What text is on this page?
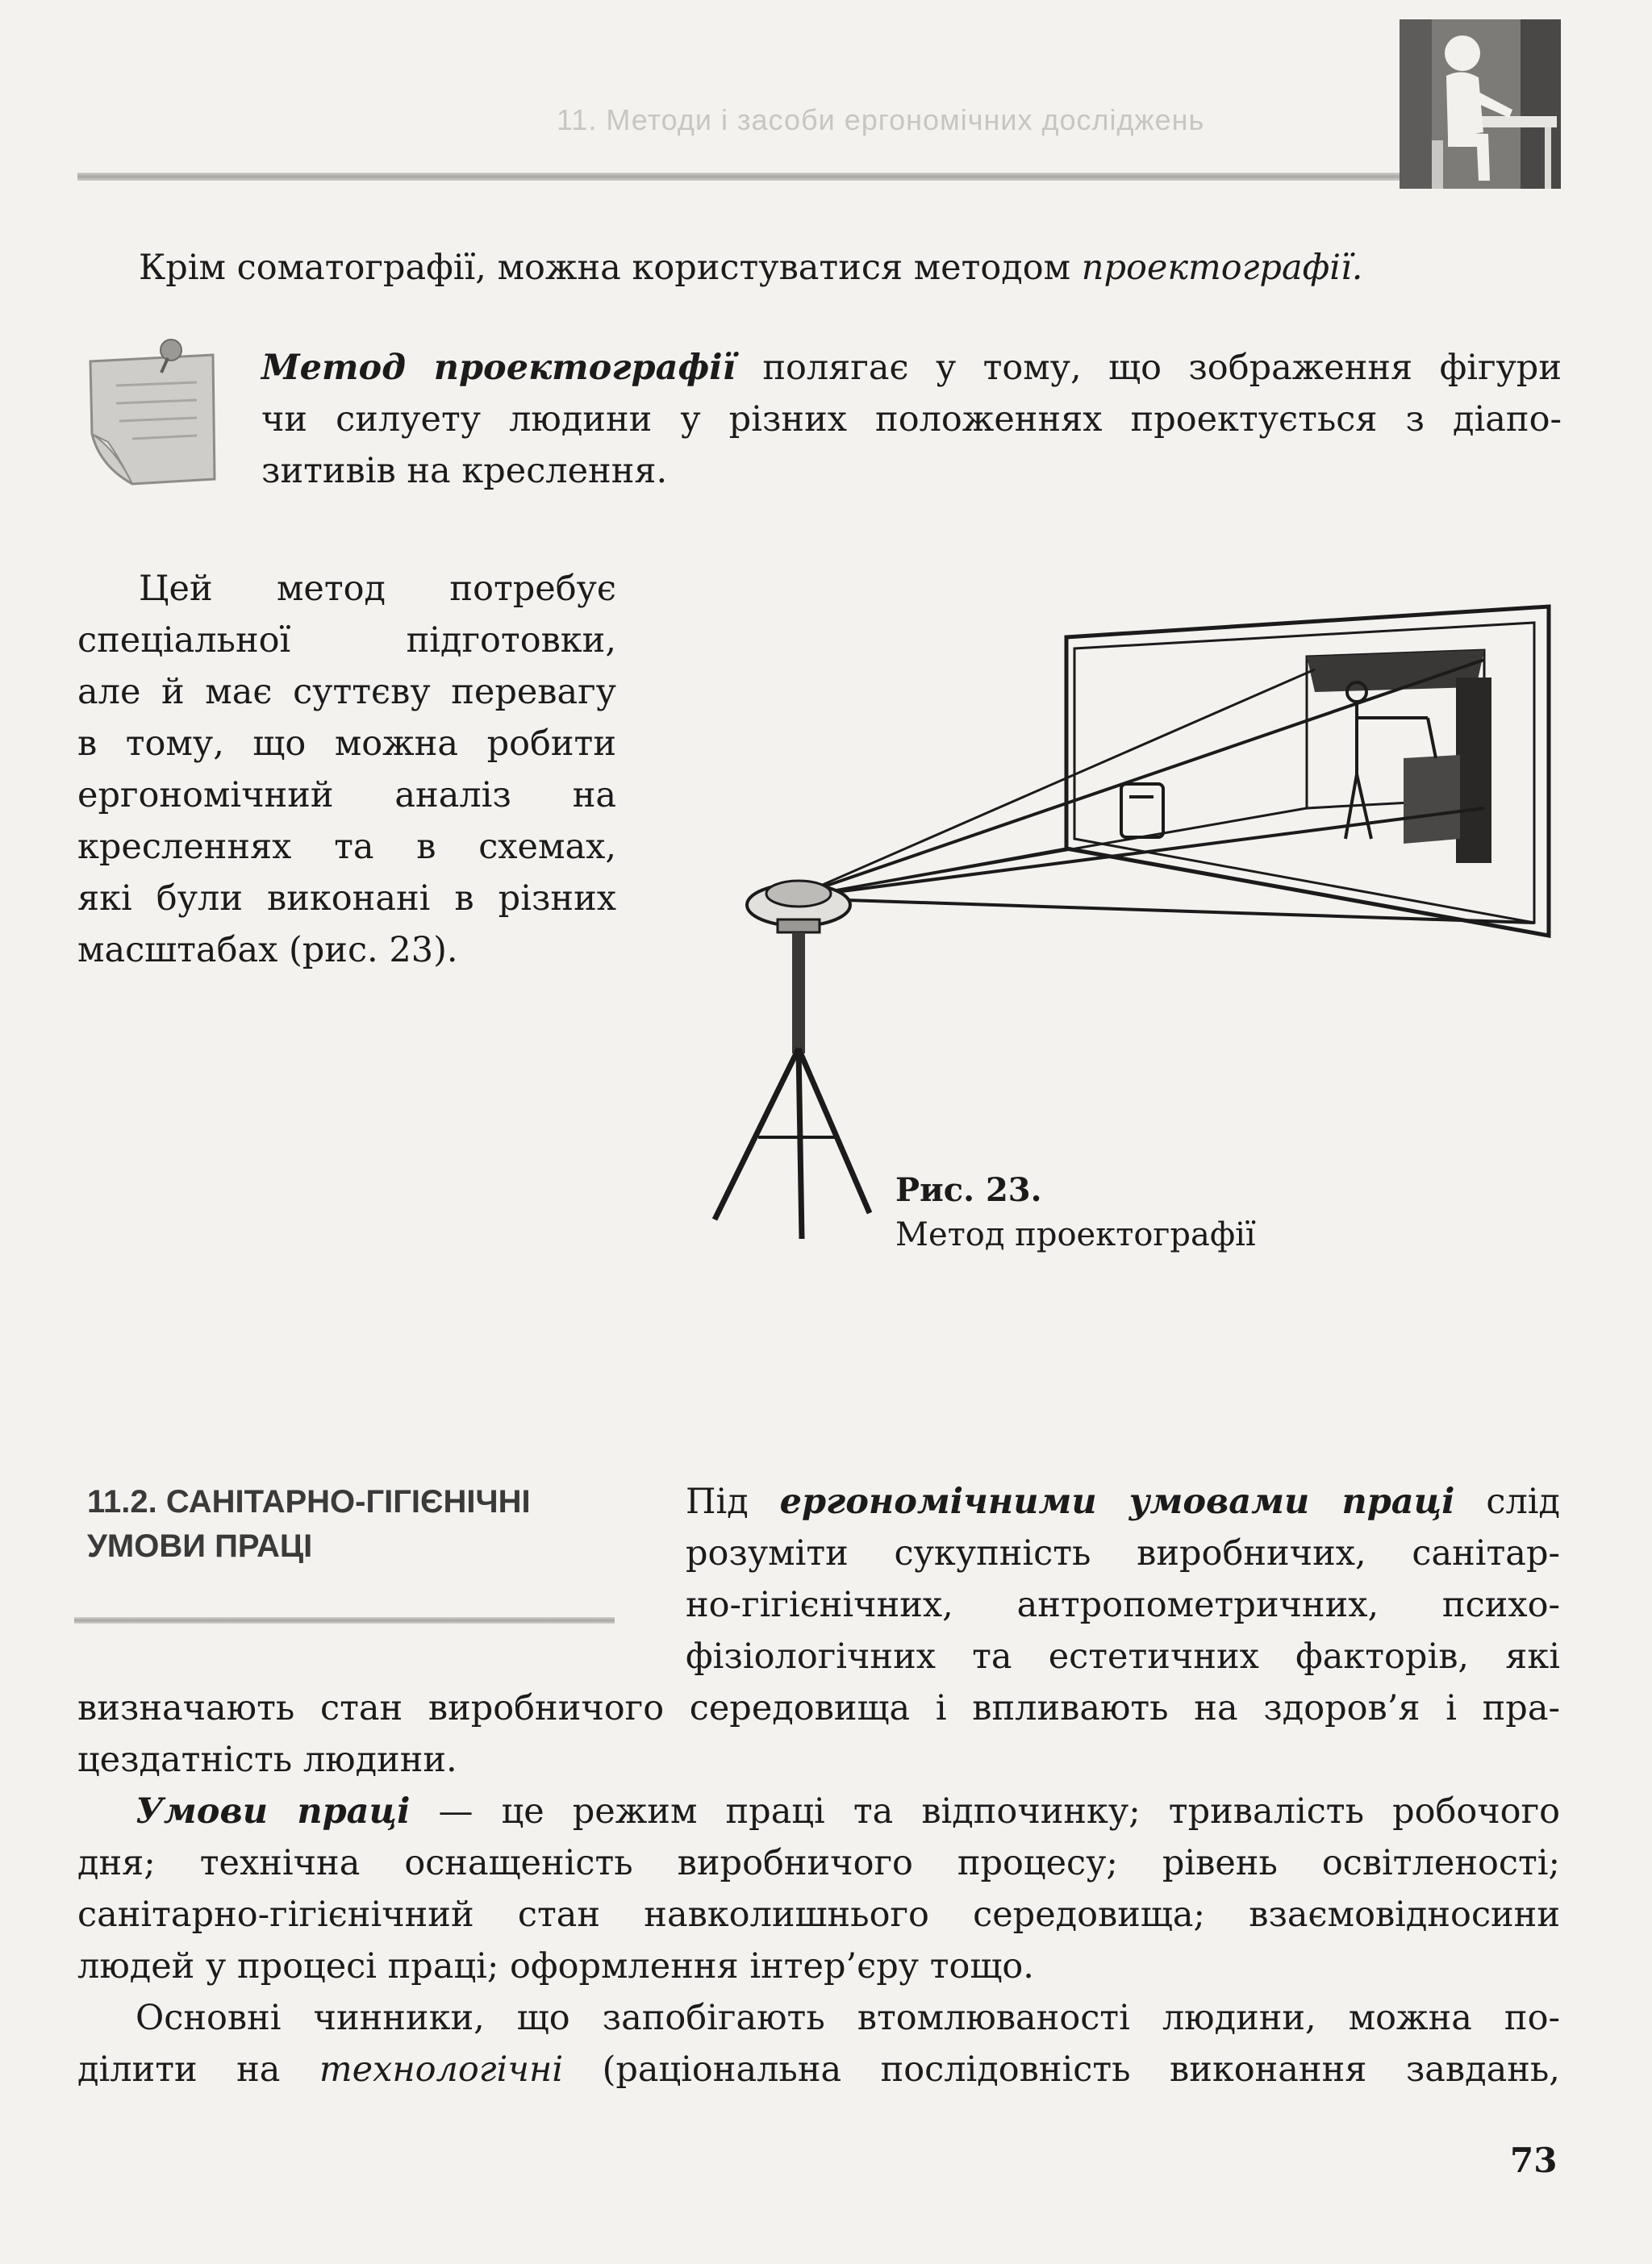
11. Методи і засоби ергономічних досліджень
Крім соматографії, можна користуватися методом проектографії.
Метод проектографії полягає у тому, що зображення фігури
чи силуету людини у різних положеннях проектується з діапо-
зитивів на креслення.
Цей метод потребує
спеціальної підготовки,
але й має суттєву перевагу
в тому, що можна робити
ергономічний аналіз на
кресленнях та в схемах,
які були виконані в різних
масштабах (рис. 23).
Рис. 23.
Метод проектографії
11.2. САНІТАРНО-ГІГІЄНІЧНІ
УМОВИ ПРАЦІ
Під ергономічними умовами праці слід
розуміти сукупність виробничих, санітар-
но-гігієнічних, антропометричних, психо-
фізіологічних та естетичних факторів, які
визначають стан виробничого середовища і впливають на здоров’я і пра-
цездатність людини.
Умови праці — це режим праці та відпочинку; тривалість робочого
дня; технічна оснащеність виробничого процесу; рівень освітленості;
санітарно-гігієнічний стан навколишнього середовища; взаємовідносини
людей у процесі праці; оформлення інтер’єру тощо.
Основні чинники, що запобігають втомлюваності людини, можна по-
ділити на технологічні (раціональна послідовність виконання завдань,
73
